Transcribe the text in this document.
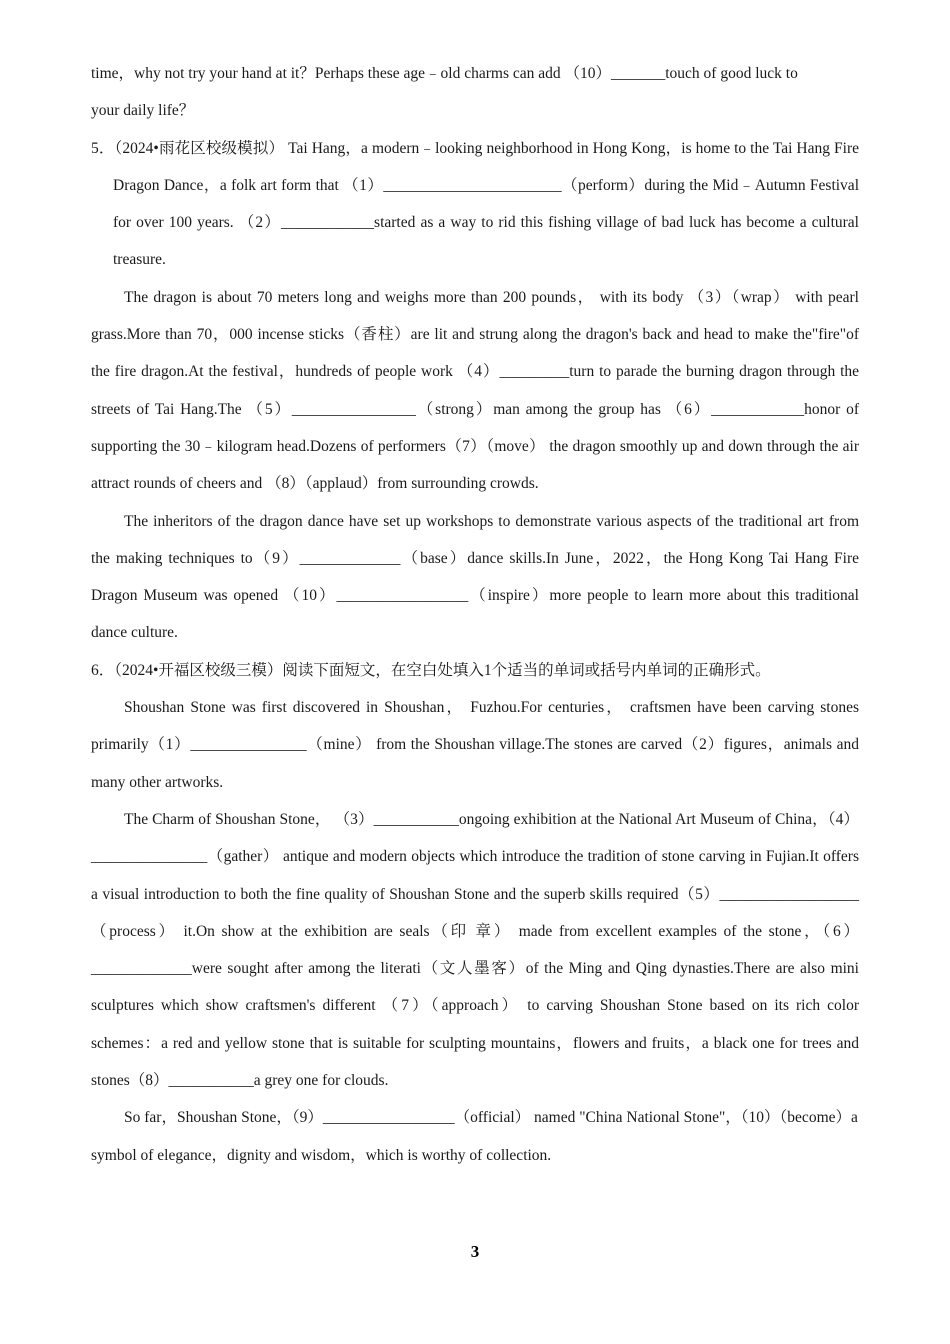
time，why not try your hand at it？Perhaps these age﹣old charms can add （10）_______touch of good luck to

your daily life？

5．（2024•雨花区校级模拟） Tai Hang，a modern﹣looking neighborhood in Hong Kong，is home to the Tai Hang Fire Dragon Dance，a folk art form that （1）_______________________（perform）during the Mid﹣Autumn Festival for over 100 years. （2）____________started as a way to rid this fishing village of bad luck has become a cultural treasure.

The dragon is about 70 meters long and weighs more than 200 pounds， with its body （3）（wrap） with pearl grass.More than 70，000 incense sticks（香柱）are lit and strung along the dragon's back and head to make the"fire"of the fire dragon.At the festival，hundreds of people work （4）_________turn to parade the burning dragon through the streets of Tai Hang.The （5）________________（strong）man among the group has （6）____________honor of supporting the 30﹣kilogram head.Dozens of performers（7）（move） the dragon smoothly up and down through the air attract rounds of cheers and （8）（applaud）from surrounding crowds.

The inheritors of the dragon dance have set up workshops to demonstrate various aspects of the traditional art from the making techniques to（9）_____________（base）dance skills.In June，2022，the Hong Kong Tai Hang Fire Dragon Museum was opened （10）_________________（inspire）more people to learn more about this traditional dance culture.

6．（2024•开福区校级三模）阅读下面短文，在空白处填入1个适当的单词或括号内单词的正确形式。

Shoushan Stone was first discovered in Shoushan， Fuzhou.For centuries， craftsmen have been carving stones primarily（1）_______________（mine） from the Shoushan village.The stones are carved（2）figures，animals and many other artworks.

The Charm of Shoushan Stone， （3）___________ongoing exhibition at the National Art Museum of China，（4）_______________（gather） antique and modern objects which introduce the tradition of stone carving in Fujian.It offers a visual introduction to both the fine quality of Shoushan Stone and the superb skills required（5）__________________（process） it.On show at the exhibition are seals（印 章） made from excellent examples of the stone，（6）_____________were sought after among the literati（文人墨客）of the Ming and Qing dynasties.There are also mini sculptures which show craftsmen's different （7）（approach） to carving Shoushan Stone based on its rich color schemes：a red and yellow stone that is suitable for sculpting mountains，flowers and fruits，a black one for trees and stones（8）___________a grey one for clouds.

So far，Shoushan Stone，（9）_________________（official） named "China National Stone"，（10）（become）a symbol of elegance，dignity and wisdom，which is worthy of collection.

3
